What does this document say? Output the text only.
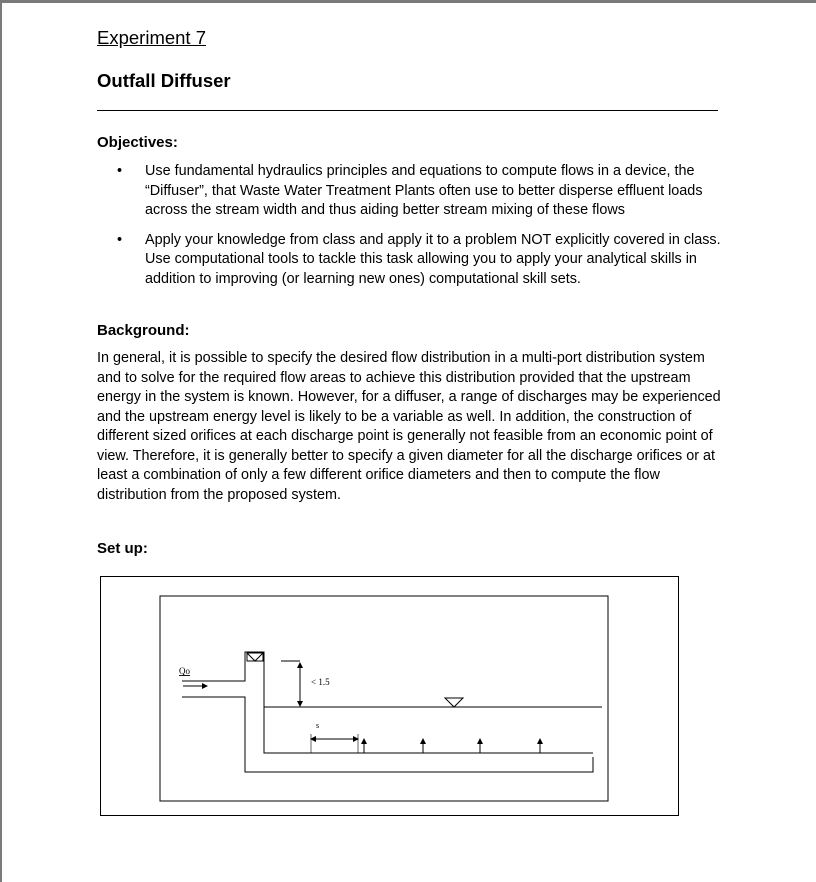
Experiment 7
Outfall Diffuser
Objectives:
• Use fundamental hydraulics principles and equations to compute flows in a device, the “Diffuser”, that Waste Water Treatment Plants often use to better disperse effluent loads across the stream width and thus aiding better stream mixing of these flows
• Apply your knowledge from class and apply it to a problem NOT explicitly covered in class. Use computational tools to tackle this task allowing you to apply your analytical skills in addition to improving (or learning new ones) computational skill sets.
Background:

In general, it is possible to specify the desired flow distribution in a multi-port distribution system and to solve for the required flow areas to achieve this distribution provided that the upstream energy in the system is known. However, for a diffuser, a range of discharges may be experienced and the upstream energy level is likely to be a variable as well. In addition, the construction of different sized orifices at each discharge point is generally not feasible from an economic point of view. Therefore, it is generally better to specify a given diameter for all the discharge orifices or at least a combination of only a few different orifice diameters and then to compute the flow distribution from the proposed system.

Set up:
Qo
< 1.5
s
